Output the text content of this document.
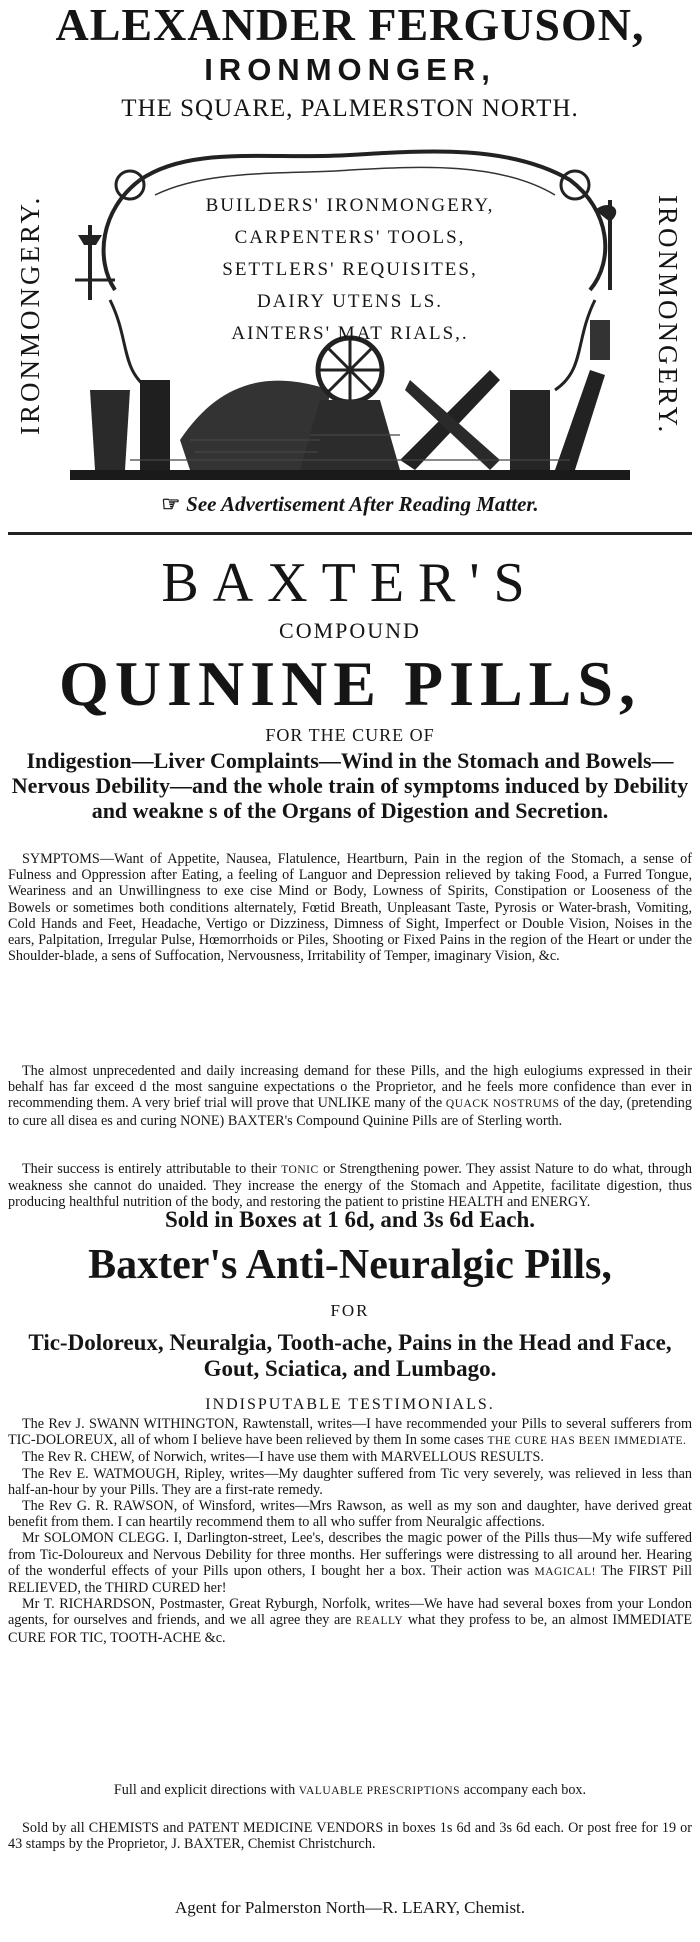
ALEXANDER FERGUSON,
IRONMONGER,
THE SQUARE, PALMERSTON NORTH.
IRONMONGERY.	IRONMONGERY.
BUILDERS' IRONMONGERY,
CARPENTERS' TOOLS,
SETTLERS' REQUISITES,
DAIRY UTENS LS.
AINTERS' MAT RIALS,.
☞ See Advertisement After Reading Matter.
BAXTER'S
COMPOUND
QUININE PILLS,
FOR THE CURE OF
Indigestion—Liver Complaints—Wind in the Stomach and Bowels—Nervous Debility—and the whole train of symptoms induced by Debility and weakne s of the Organs of Digestion and Secretion.
SYMPTOMS—Want of Appetite, Nausea, Flatulence, Heartburn, Pain in the region of the Stomach, a sense of Fulness and Oppression after Eating, a feeling of Languor and Depression relieved by taking Food, a Furred Tongue, Weariness and an Unwillingness to exe cise Mind or Body, Lowness of Spirits, Constipation or Looseness of the Bowels or sometimes both conditions alternately, Fœtid Breath, Unpleasant Taste, Pyrosis or Water-brash, Vomiting, Cold Hands and Feet, Headache, Vertigo or Dizziness, Dimness of Sight, Imperfect or Double Vision, Noises in the ears, Palpitation, Irregular Pulse, Hœmorrhoids or Piles, Shooting or Fixed Pains in the region of the Heart or under the Shoulder-blade, a sens of Suffocation, Nervousness, Irritability of Temper, imaginary Vision, &c.
The almost unprecedented and daily increasing demand for these Pills, and the high eulogiums expressed in their behalf has far exceed d the most sanguine expectations o the Proprietor, and he feels more confidence than ever in recommending them. A very brief trial will prove that UNLIKE many of the QUACK NOSTRUMS of the day, (pretending to cure all disea es and curing NONE) BAXTER's Compound Quinine Pills are of Sterling worth.
Their success is entirely attributable to their TONIC or Strengthening power. They assist Nature to do what, through weakness she cannot do unaided. They increase the energy of the Stomach and Appetite, facilitate digestion, thus producing healthful nutrition of the body, and restoring the patient to pristine HEALTH and ENERGY.
Sold in Boxes at 1 6d, and 3s 6d Each.
Baxter's Anti-Neuralgic Pills,
FOR
Tic-Doloreux, Neuralgia, Tooth-ache, Pains in the Head and Face, Gout, Sciatica, and Lumbago.
INDISPUTABLE TESTIMONIALS.

The Rev J. SWANN WITHINGTON, Rawtenstall, writes—I have recommended your Pills to several sufferers from TIC-DOLOREUX, all of whom I believe have been relieved by them In some cases THE CURE HAS BEEN IMMEDIATE.

The Rev R. CHEW, of Norwich, writes—I have use them with MARVELLOUS RESULTS.

The Rev E. WATMOUGH, Ripley, writes—My daughter suffered from Tic very severely, was relieved in less than half-an-hour by your Pills. They are a first-rate remedy.

The Rev G. R. RAWSON, of Winsford, writes—Mrs Rawson, as well as my son and daughter, have derived great benefit from them. I can heartily recommend them to all who suffer from Neuralgic affections.

Mr SOLOMON CLEGG. I, Darlington-street, Lee's, describes the magic power of the Pills thus—My wife suffered from Tic-Doloureux and Nervous Debility for three months. Her sufferings were distressing to all around her. Hearing of the wonderful effects of your Pills upon others, I bought her a box. Their action was MAGICAL! The FIRST Pill RELIEVED, the THIRD CURED her!

Mr T. RICHARDSON, Postmaster, Great Ryburgh, Norfolk, writes—We have had several boxes from your London agents, for ourselves and friends, and we all agree they are REALLY what they profess to be, an almost IMMEDIATE CURE FOR TIC, TOOTH-ACHE &c.

Full and explicit directions with VALUABLE PRESCRIPTIONS accompany each box.
Sold by all CHEMISTS and PATENT MEDICINE VENDORS in boxes 1s 6d and 3s 6d each. Or post free for 19 or 43 stamps by the Proprietor, J. BAXTER, Chemist Christchurch.
Agent for Palmerston North—R. LEARY, Chemist.
